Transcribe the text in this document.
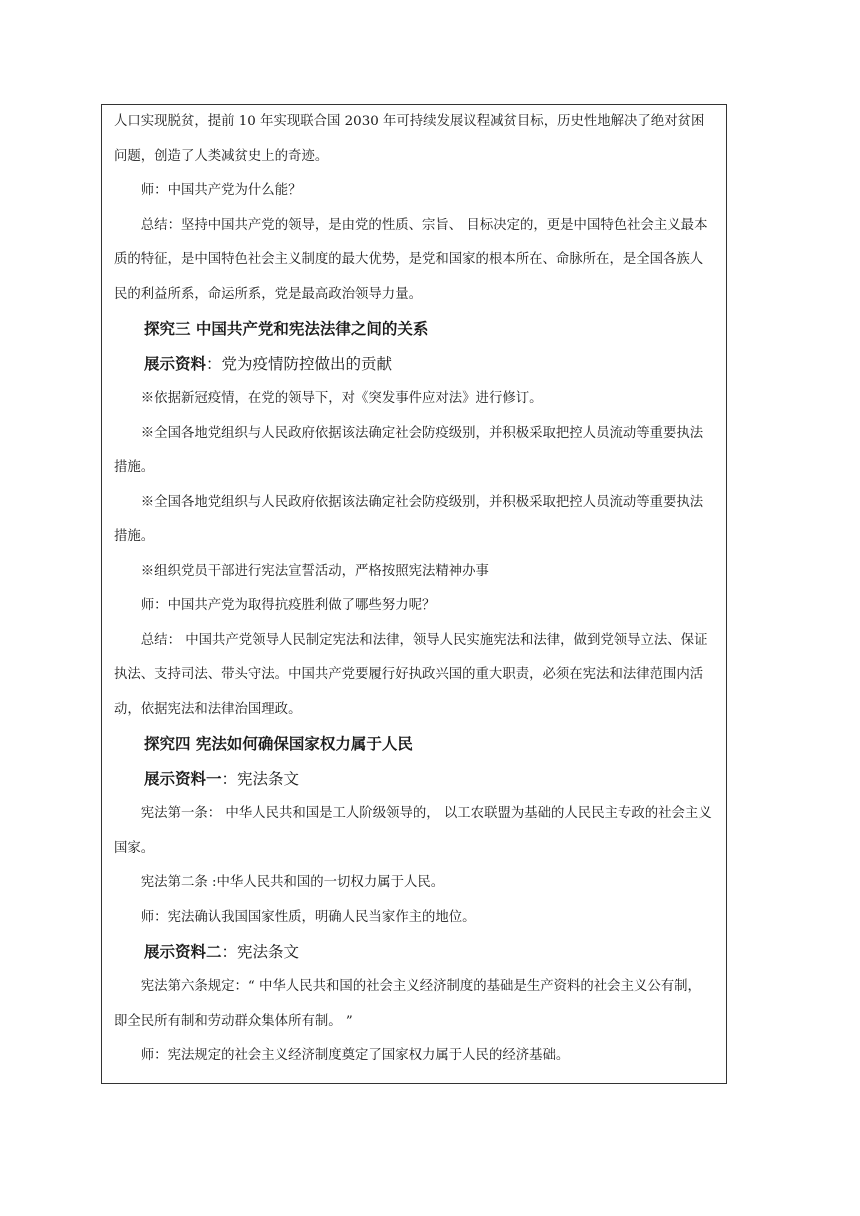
人口实现脱贫，提前 10 年实现联合国 2030 年可持续发展议程减贫目标，历史性地解决了绝对贫困问题，创造了人类减贫史上的奇迹。

师：中国共产党为什么能？

总结：坚持中国共产党的领导，是由党的性质、宗旨、 目标决定的，更是中国特色社会主义最本质的特征，是中国特色社会主义制度的最大优势，是党和国家的根本所在、命脉所在，是全国各族人民的利益所系，命运所系，党是最高政治领导力量。

探究三 中国共产党和宪法法律之间的关系

展示资料：党为疫情防控做出的贡献

※依据新冠疫情，在党的领导下，对《突发事件应对法》进行修订。

※全国各地党组织与人民政府依据该法确定社会防疫级别，并积极采取把控人员流动等重要执法措施。

※全国各地党组织与人民政府依据该法确定社会防疫级别，并积极采取把控人员流动等重要执法措施。

※组织党员干部进行宪法宣誓活动，严格按照宪法精神办事

师：中国共产党为取得抗疫胜利做了哪些努力呢？

总结： 中国共产党领导人民制定宪法和法律，领导人民实施宪法和法律，做到党领导立法、保证执法、支持司法、带头守法。中国共产党要履行好执政兴国的重大职责，必须在宪法和法律范围内活动，依据宪法和法律治国理政。

探究四 宪法如何确保国家权力属于人民

展示资料一：宪法条文

宪法第一条： 中华人民共和国是工人阶级领导的， 以工农联盟为基础的人民民主专政的社会主义国家。

宪法第二条 :中华人民共和国的一切权力属于人民。

师：宪法确认我国国家性质，明确人民当家作主的地位。

展示资料二：宪法条文

宪法第六条规定：“ 中华人民共和国的社会主义经济制度的基础是生产资料的社会主义公有制，即全民所有制和劳动群众集体所有制。 ”

师：宪法规定的社会主义经济制度奠定了国家权力属于人民的经济基础。
